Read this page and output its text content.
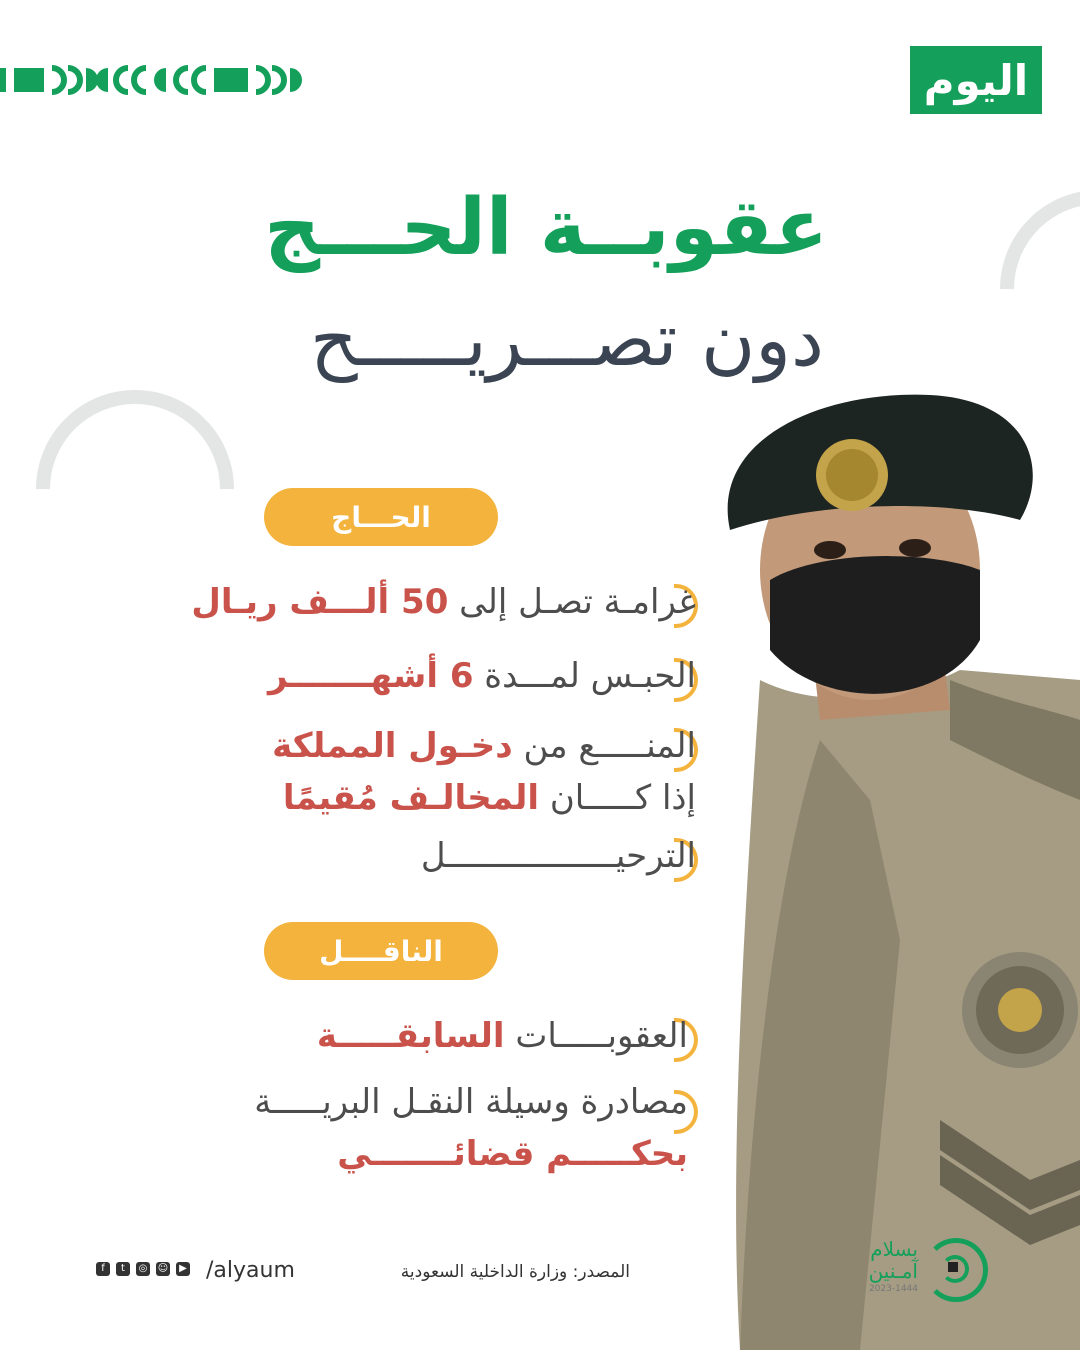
اليوم
عقوبــة الحـــج
دون تصـــريـــــح
الحـــاج
غرامـة تصـل إلى 50 ألـــف ريـال
الحبـس لمـــدة 6 أشهـــــــر
المنـــــع من دخـول المملكة
إذا كـــــان المخالـف مُقيمًا
الترحيـــــــــــــــــل
الناقــــل
العقوبـــــات السابقـــــة
مصادرة وسيلة النقـل البريـــــة
بحكـــــم قضائـــــــي
المصدر: وزارة الداخلية السعودية
/alyaum
f	t	◎ ☺	▶
بسلام
آمـنين
2023-1444
